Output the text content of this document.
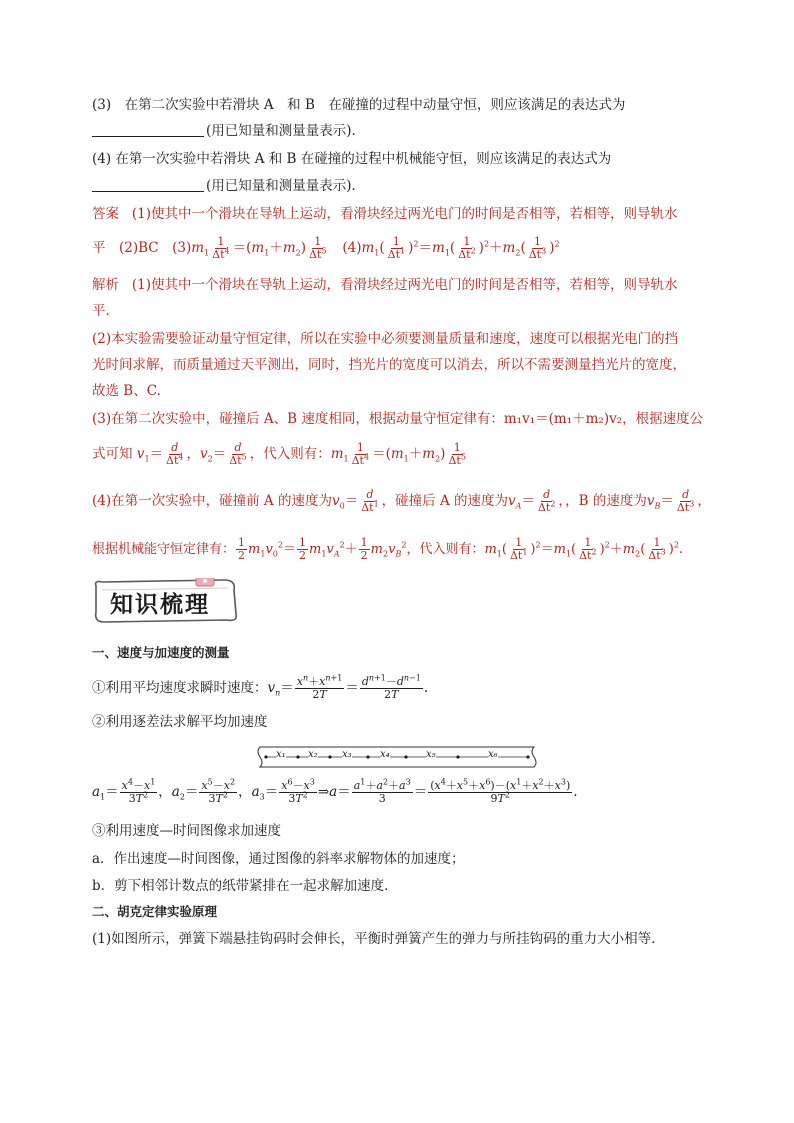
(3)　在第二次实验中若滑块 A　和 B　在碰撞的过程中动量守恒，则应该满足的表达式为
(用已知量和测量量表示)．
(4) 在第一次实验中若滑块 A 和 B 在碰撞的过程中机械能守恒，则应该满足的表达式为
(用已知量和测量量表示)．
答案 (1)使其中一个滑块在导轨上运动，看滑块经过两光电门的时间是否相等，若相等，则导轨水
平　(2)BC　$(3)m_1 \frac{1}{\Delta t^4} =(m_1+m_2) \frac{1}{\Delta t^5} (4)m_1( \frac{1}{\Delta t^1} )^2=m_1( \frac{1}{\Delta t^2} )^2+m_2( \frac{1}{\Delta t^3} )^2$
解析 (1)使其中一个滑块在导轨上运动，看滑块经过两光电门的时间是否相等，若相等，则导轨水
平．
(2)本实验需要验证动量守恒定律，所以在实验中必须要测量质量和速度，速度可以根据光电门的挡
光时间求解，而质量通过天平测出，同时，挡光片的宽度可以消去，所以不需要测量挡光片的宽度，
故选 B、C.
(3)在第二次实验中，碰撞后 A、B 速度相同，根据动量守恒定律有：m₁v₁＝(m₁＋m₂)v₂，根据速度公
式可知 $v_1= \frac{d}{\Delta t^4}$ ，$v_2= \frac{d}{\Delta t^5}$ ，代入则有：$m_1 \frac{1}{\Delta t^4} =(m_1+m_2) \frac{1}{\Delta t^5}$
(4)在第一次实验中，碰撞前 A 的速度为$v_0= \frac{d}{\Delta t^1}$ ，碰撞后 A 的速度为$v_A= \frac{d}{\Delta t^2}$ ，，B 的速度为$v_B= \frac{d}{\Delta t^3}$ ，
根据机械能守恒定律有： $\frac{1}{2} m_1v_0^2= \frac{1}{2} m_1v_A^2+ \frac{1}{2} m_2v_B^2$，代入则有：$m_1( \frac{1}{\Delta t^1} )^2=m_1( \frac{1}{\Delta t^2} )^2+m_2( \frac{1}{\Delta t^3} )^2$.
知识梳理
一、速度与加速度的测量
①利用平均速度求瞬时速度：$v_n= \frac{x^n+x^{n+1}}{2T} = \frac{d^{n+1}-d^{n-1}}{2T}$ .
②利用逐差法求解平均加速度
x₁ x₂ x₃	x₄	x₅	x₆
$a_1= \frac{x^4-x^1}{3T^2}$ ，$a_2= \frac{x^5-x^2}{3T^2}$ ，$a_3= \frac{x^6-x^3}{3T^2}$ ⇒a＝ $\frac{a^1+a^2+a^3}{3} = \frac{(x^4+x^5+x^6)-(x^1+x^2+x^3)}{9T^2}$ .
③利用速度—时间图像求加速度
a．作出速度—时间图像，通过图像的斜率求解物体的加速度；
b．剪下相邻计数点的纸带紧排在一起求解加速度．
二、胡克定律实验原理
(1)如图所示，弹簧下端悬挂钩码时会伸长，平衡时弹簧产生的弹力与所挂钩码的重力大小相等．
